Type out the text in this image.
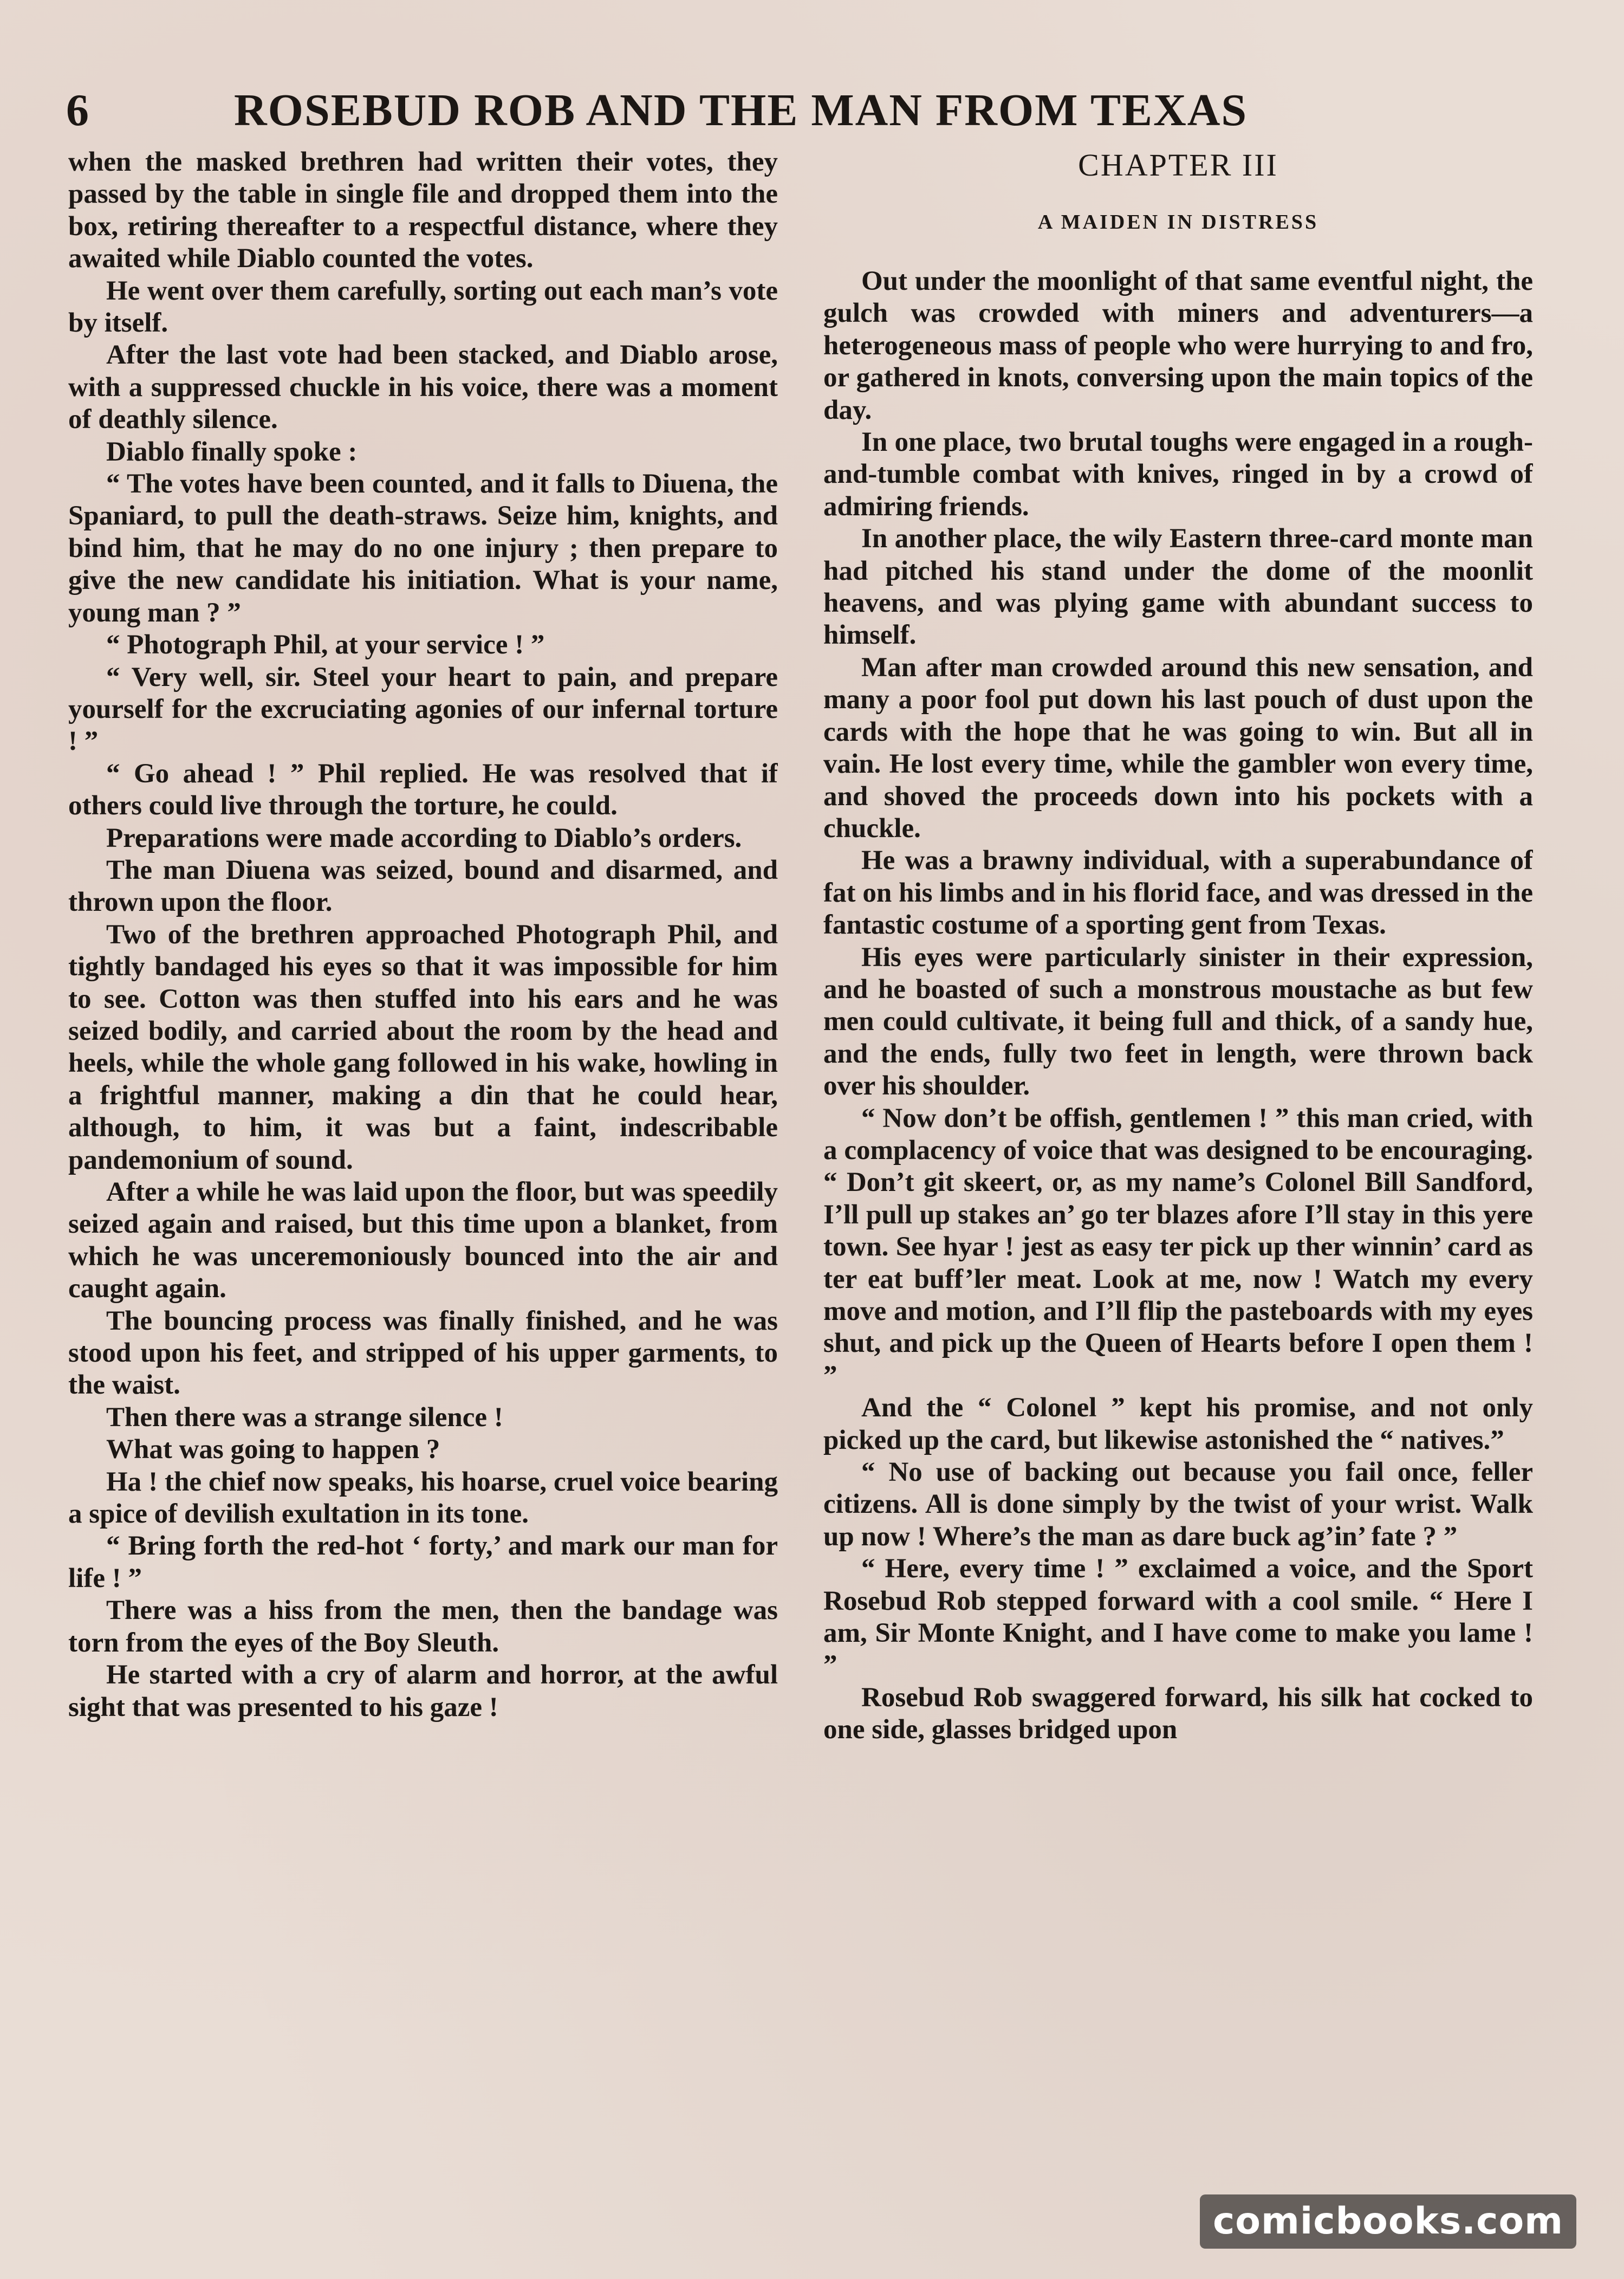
6	ROSEBUD ROB AND THE MAN FROM TEXAS

when the masked brethren had written their votes, they passed by the table in single file and dropped them into the box, retiring thereafter to a respectful distance, where they awaited while Diablo counted the votes.

He went over them carefully, sorting out each man’s vote by itself.

After the last vote had been stacked, and Diablo arose, with a suppressed chuckle in his voice, there was a moment of deathly silence.

Diablo finally spoke :

“ The votes have been counted, and it falls to Diuena, the Spaniard, to pull the death-straws. Seize him, knights, and bind him, that he may do no one injury ; then prepare to give the new candidate his initiation. What is your name, young man ? ”

“ Photograph Phil, at your service ! ”

“ Very well, sir. Steel your heart to pain, and prepare yourself for the excruciating agonies of our infernal torture ! ”

“ Go ahead ! ” Phil replied. He was resolved that if others could live through the torture, he could.

Preparations were made according to Diablo’s orders.

The man Diuena was seized, bound and disarmed, and thrown upon the floor.

Two of the brethren approached Photograph Phil, and tightly bandaged his eyes so that it was impossible for him to see. Cotton was then stuffed into his ears and he was seized bodily, and carried about the room by the head and heels, while the whole gang followed in his wake, howling in a frightful manner, making a din that he could hear, although, to him, it was but a faint, indescribable pandemonium of sound.

After a while he was laid upon the floor, but was speedily seized again and raised, but this time upon a blanket, from which he was unceremoniously bounced into the air and caught again.

The bouncing process was finally finished, and he was stood upon his feet, and stripped of his upper garments, to the waist.

Then there was a strange silence !

What was going to happen ?

Ha ! the chief now speaks, his hoarse, cruel voice bearing a spice of devilish exultation in its tone.

“ Bring forth the red-hot ‘ forty,’ and mark our man for life ! ”

There was a hiss from the men, then the bandage was torn from the eyes of the Boy Sleuth.

He started with a cry of alarm and horror, at the awful sight that was presented to his gaze !

CHAPTER III
A MAIDEN IN DISTRESS

Out under the moonlight of that same eventful night, the gulch was crowded with miners and adventurers—a heterogeneous mass of people who were hurrying to and fro, or gathered in knots, conversing upon the main topics of the day.

In one place, two brutal toughs were engaged in a rough-and-tumble combat with knives, ringed in by a crowd of admiring friends.

In another place, the wily Eastern three-card monte man had pitched his stand under the dome of the moonlit heavens, and was plying game with abundant success to himself.

Man after man crowded around this new sensation, and many a poor fool put down his last pouch of dust upon the cards with the hope that he was going to win. But all in vain. He lost every time, while the gambler won every time, and shoved the proceeds down into his pockets with a chuckle.

He was a brawny individual, with a superabundance of fat on his limbs and in his florid face, and was dressed in the fantastic costume of a sporting gent from Texas.

His eyes were particularly sinister in their expression, and he boasted of such a monstrous moustache as but few men could cultivate, it being full and thick, of a sandy hue, and the ends, fully two feet in length, were thrown back over his shoulder.

“ Now don’t be offish, gentlemen ! ” this man cried, with a complacency of voice that was designed to be encouraging. “ Don’t git skeert, or, as my name’s Colonel Bill Sandford, I’ll pull up stakes an’ go ter blazes afore I’ll stay in this yere town. See hyar ! jest as easy ter pick up ther winnin’ card as ter eat buff’ler meat. Look at me, now ! Watch my every move and motion, and I’ll flip the pasteboards with my eyes shut, and pick up the Queen of Hearts before I open them ! ”

And the “ Colonel ” kept his promise, and not only picked up the card, but likewise astonished the “ natives.”

“ No use of backing out because you fail once, feller citizens. All is done simply by the twist of your wrist. Walk up now ! Where’s the man as dare buck ag’in’ fate ? ”

“ Here, every time ! ” exclaimed a voice, and the Sport Rosebud Rob stepped forward with a cool smile. “ Here I am, Sir Monte Knight, and I have come to make you lame ! ”

Rosebud Rob swaggered forward, his silk hat cocked to one side, glasses bridged upon

comicbooks.com
